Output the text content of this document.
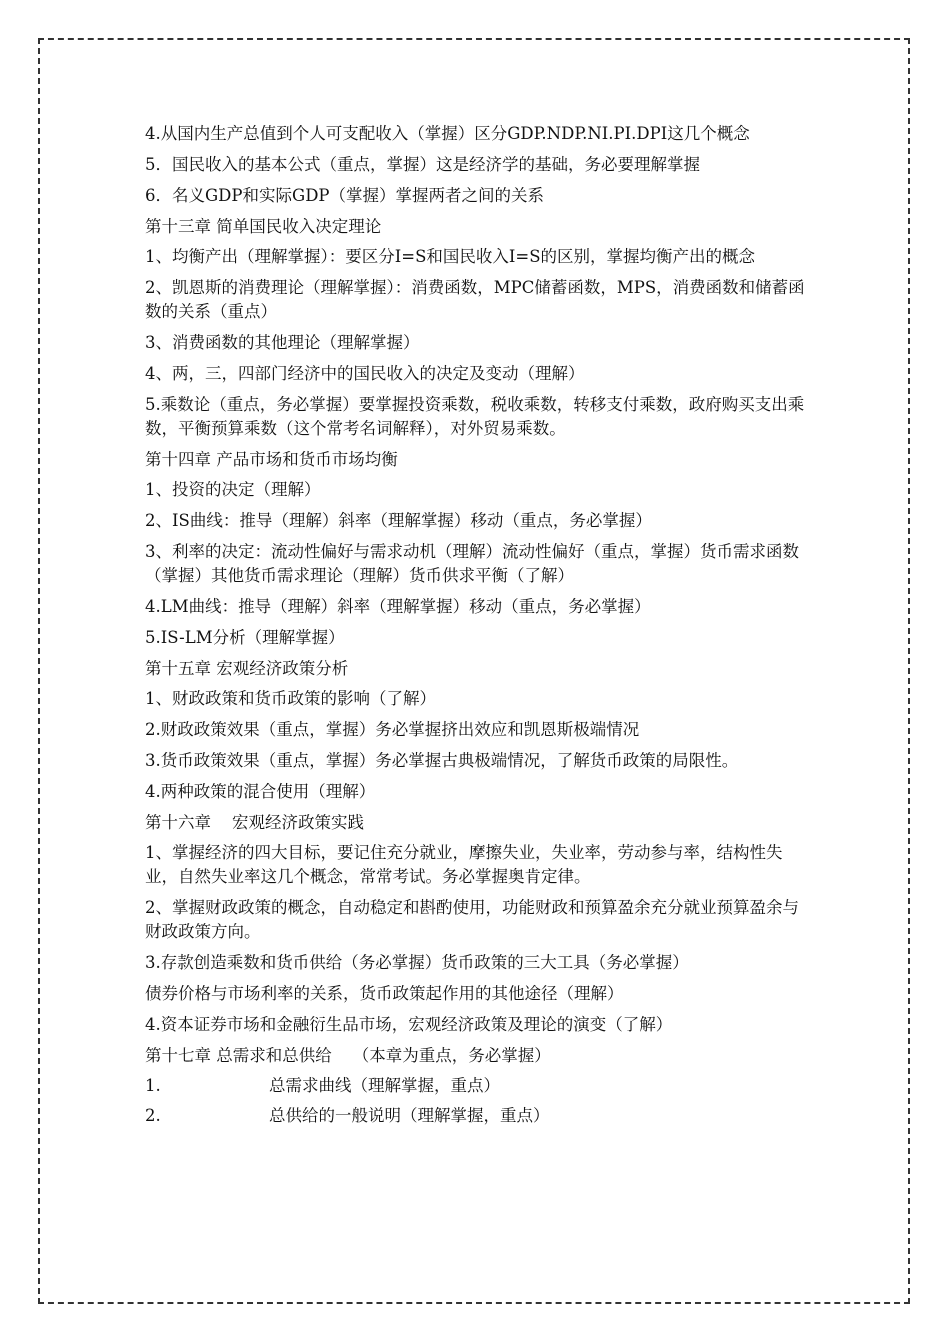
4.从国内生产总值到个人可支配收入（掌握）区分GDP.NDP.NI.PI.DPI这几个概念

5．国民收入的基本公式（重点，掌握）这是经济学的基础，务必要理解掌握

6．名义GDP和实际GDP（掌握）掌握两者之间的关系

第十三章 简单国民收入决定理论

1、均衡产出（理解掌握）：要区分I=S和国民收入I=S的区别，掌握均衡产出的概念

2、凯恩斯的消费理论（理解掌握）：消费函数，MPC储蓄函数，MPS，消费函数和储蓄函数的关系（重点）

3、消费函数的其他理论（理解掌握）

4、两，三，四部门经济中的国民收入的决定及变动（理解）

5.乘数论（重点，务必掌握）要掌握投资乘数，税收乘数，转移支付乘数，政府购买支出乘数，平衡预算乘数（这个常考名词解释），对外贸易乘数。

第十四章 产品市场和货币市场均衡

1、投资的决定（理解）

2、IS曲线：推导（理解）斜率（理解掌握）移动（重点，务必掌握）

3、利率的决定：流动性偏好与需求动机（理解）流动性偏好（重点，掌握）货币需求函数（掌握）其他货币需求理论（理解）货币供求平衡（了解）

4.LM曲线：推导（理解）斜率（理解掌握）移动（重点，务必掌握）

5.IS-LM分析（理解掌握）

第十五章 宏观经济政策分析

1、财政政策和货币政策的影响（了解）

2.财政政策效果（重点，掌握）务必掌握挤出效应和凯恩斯极端情况

3.货币政策效果（重点，掌握）务必掌握古典极端情况，了解货币政策的局限性。

4.两种政策的混合使用（理解）

第十六章    宏观经济政策实践

1、掌握经济的四大目标，要记住充分就业，摩擦失业，失业率，劳动参与率，结构性失业，自然失业率这几个概念，常常考试。务必掌握奥肯定律。

2、掌握财政政策的概念，自动稳定和斟酌使用，功能财政和预算盈余充分就业预算盈余与财政政策方向。

3.存款创造乘数和货币供给（务必掌握）货币政策的三大工具（务必掌握）

债券价格与市场利率的关系，货币政策起作用的其他途径（理解）

4.资本证券市场和金融衍生品市场，宏观经济政策及理论的演变（了解）

第十七章 总需求和总供给    （本章为重点，务必掌握）

1.	总需求曲线（理解掌握，重点）
2.	总供给的一般说明（理解掌握，重点）
